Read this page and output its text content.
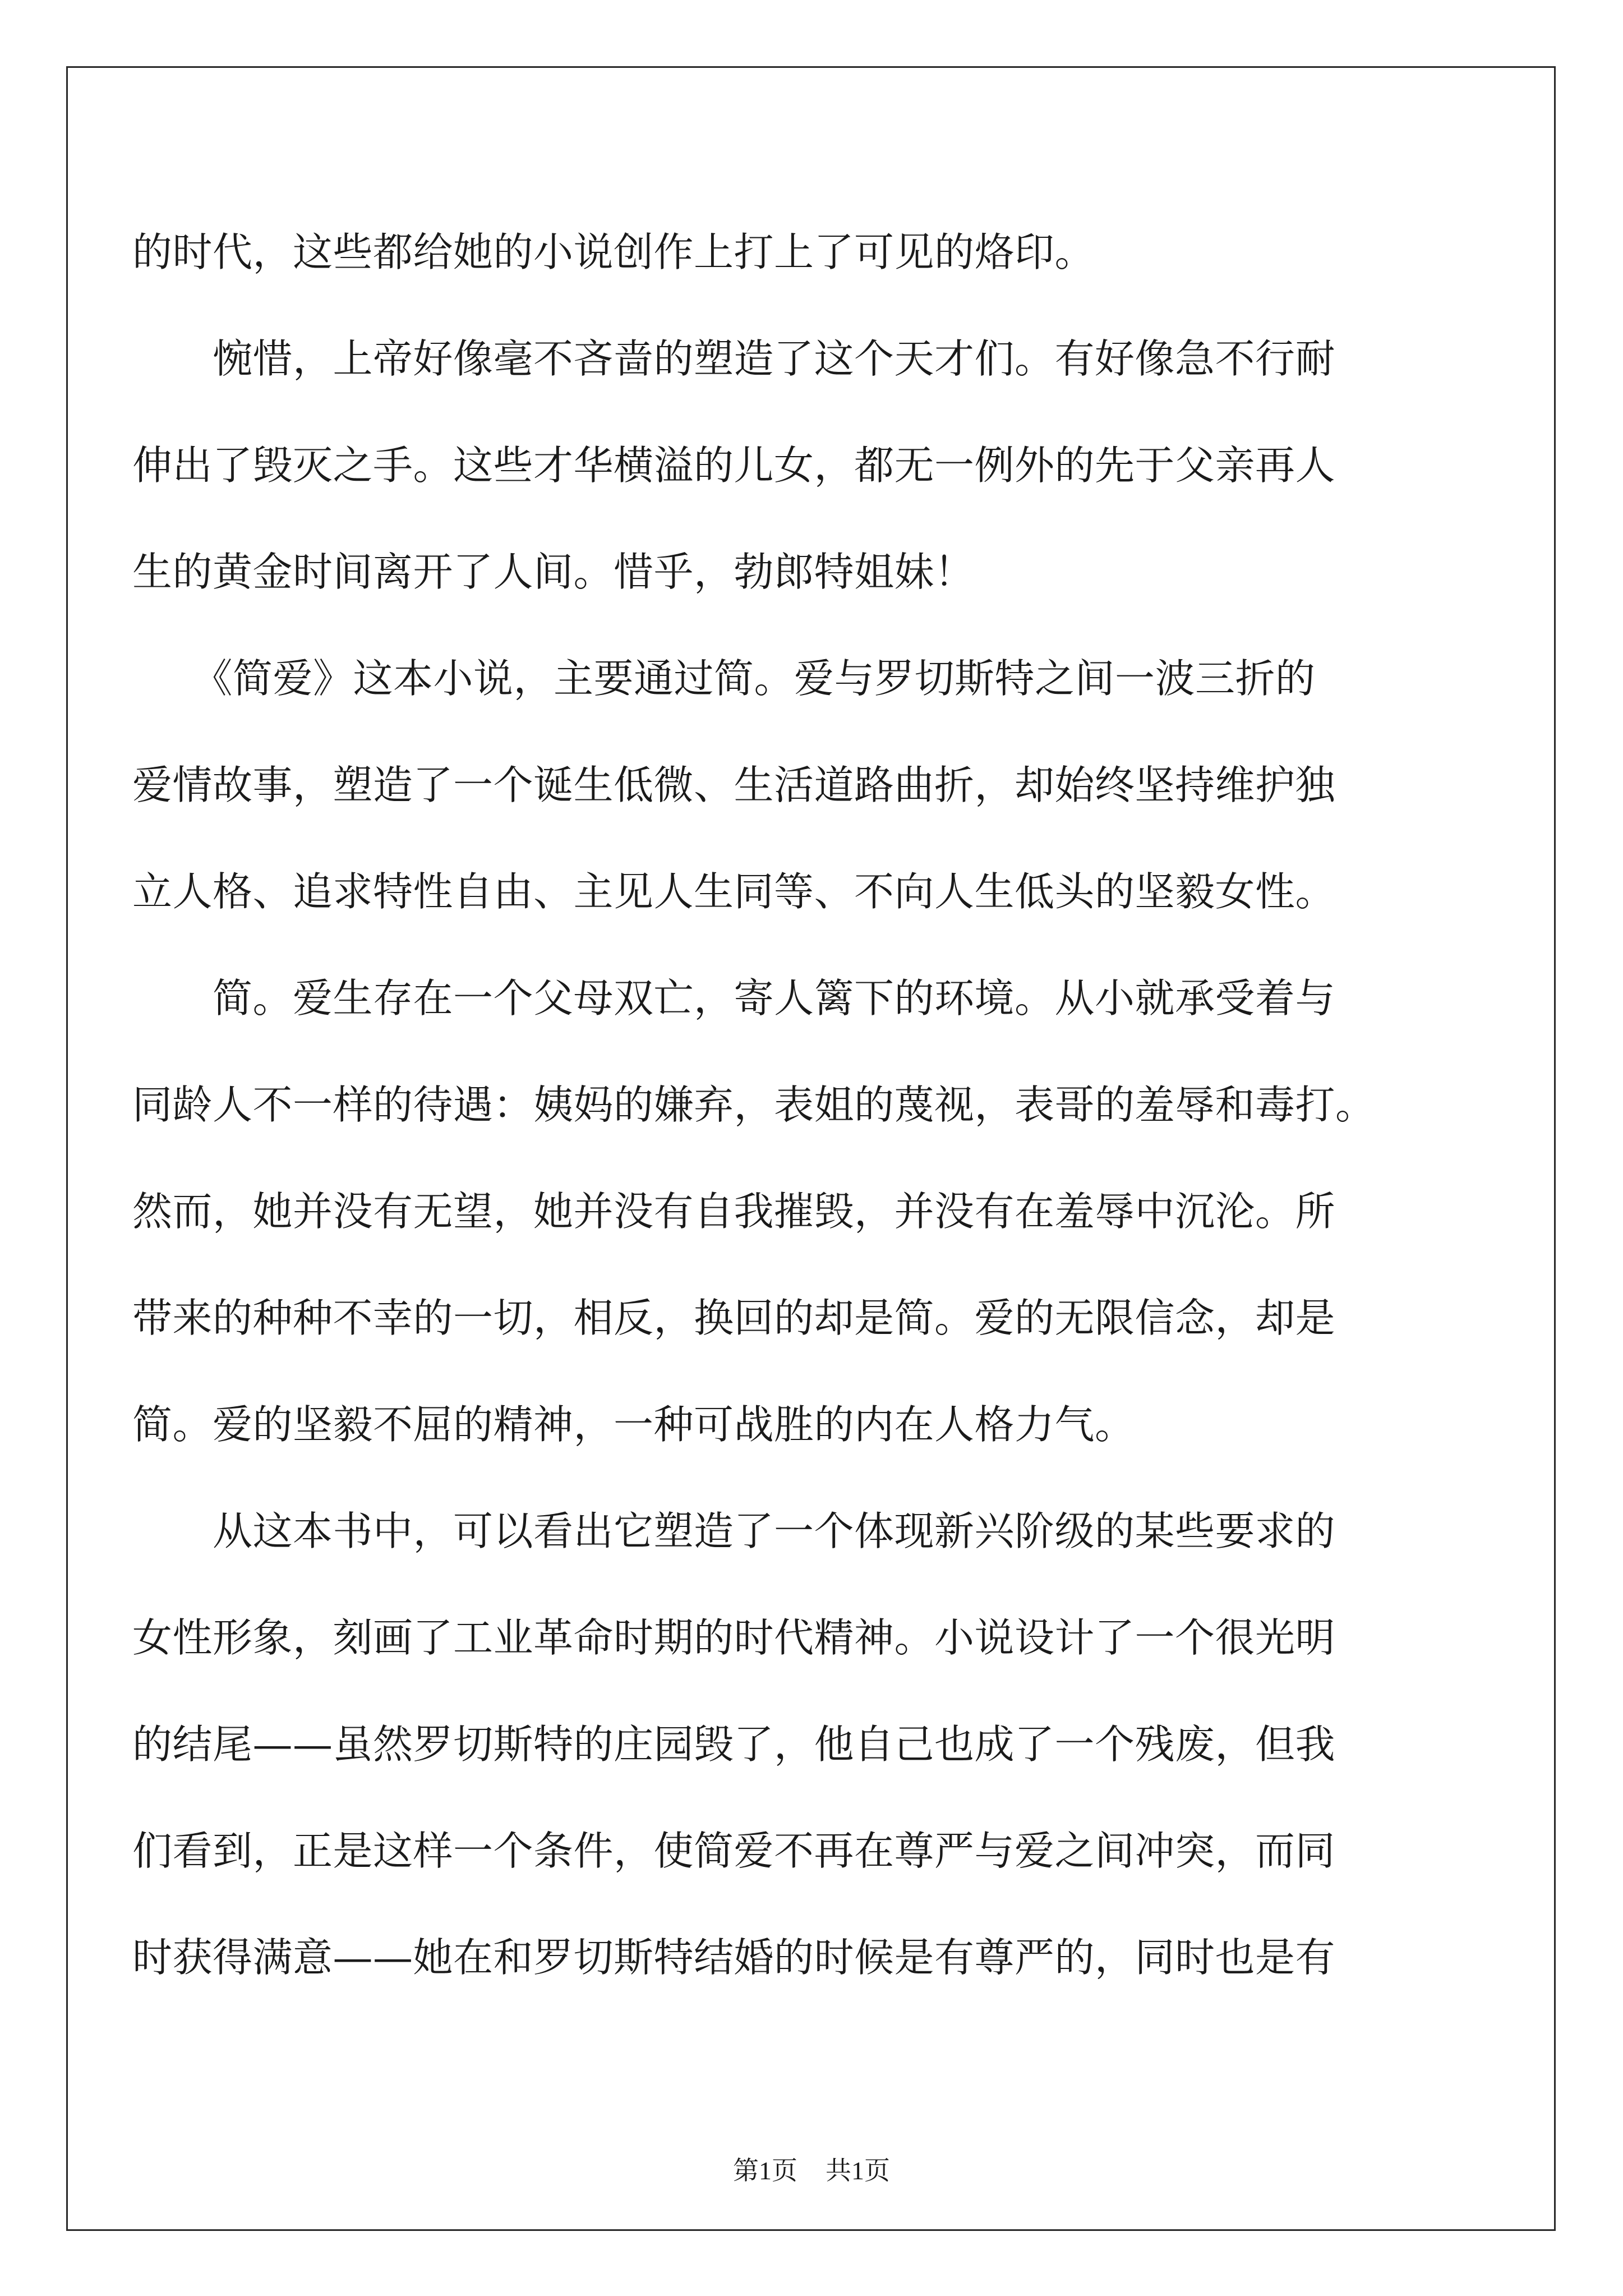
的时代，这些都给她的小说创作上打上了可见的烙印。
　　惋惜，上帝好像毫不吝啬的塑造了这个天才们。有好像急不行耐
伸出了毁灭之手。这些才华横溢的儿女，都无一例外的先于父亲再人
生的黄金时间离开了人间。惜乎，勃郎特姐妹！
　　《简爱》这本小说，主要通过简。爱与罗切斯特之间一波三折的
爱情故事，塑造了一个诞生低微、生活道路曲折，却始终坚持维护独
立人格、追求特性自由、主见人生同等、不向人生低头的坚毅女性。
　　简。爱生存在一个父母双亡，寄人篱下的环境。从小就承受着与
同龄人不一样的待遇：姨妈的嫌弃，表姐的蔑视，表哥的羞辱和毒打。
然而，她并没有无望，她并没有自我摧毁，并没有在羞辱中沉沦。所
带来的种种不幸的一切，相反，换回的却是简。爱的无限信念，却是
简。爱的坚毅不屈的精神，一种可战胜的内在人格力气。
　　从这本书中，可以看出它塑造了一个体现新兴阶级的某些要求的
女性形象，刻画了工业革命时期的时代精神。小说设计了一个很光明
的结尾——虽然罗切斯特的庄园毁了，他自己也成了一个残废，但我
们看到，正是这样一个条件，使简爱不再在尊严与爱之间冲突，而同
时获得满意——她在和罗切斯特结婚的时候是有尊严的，同时也是有
第1页 共1页
